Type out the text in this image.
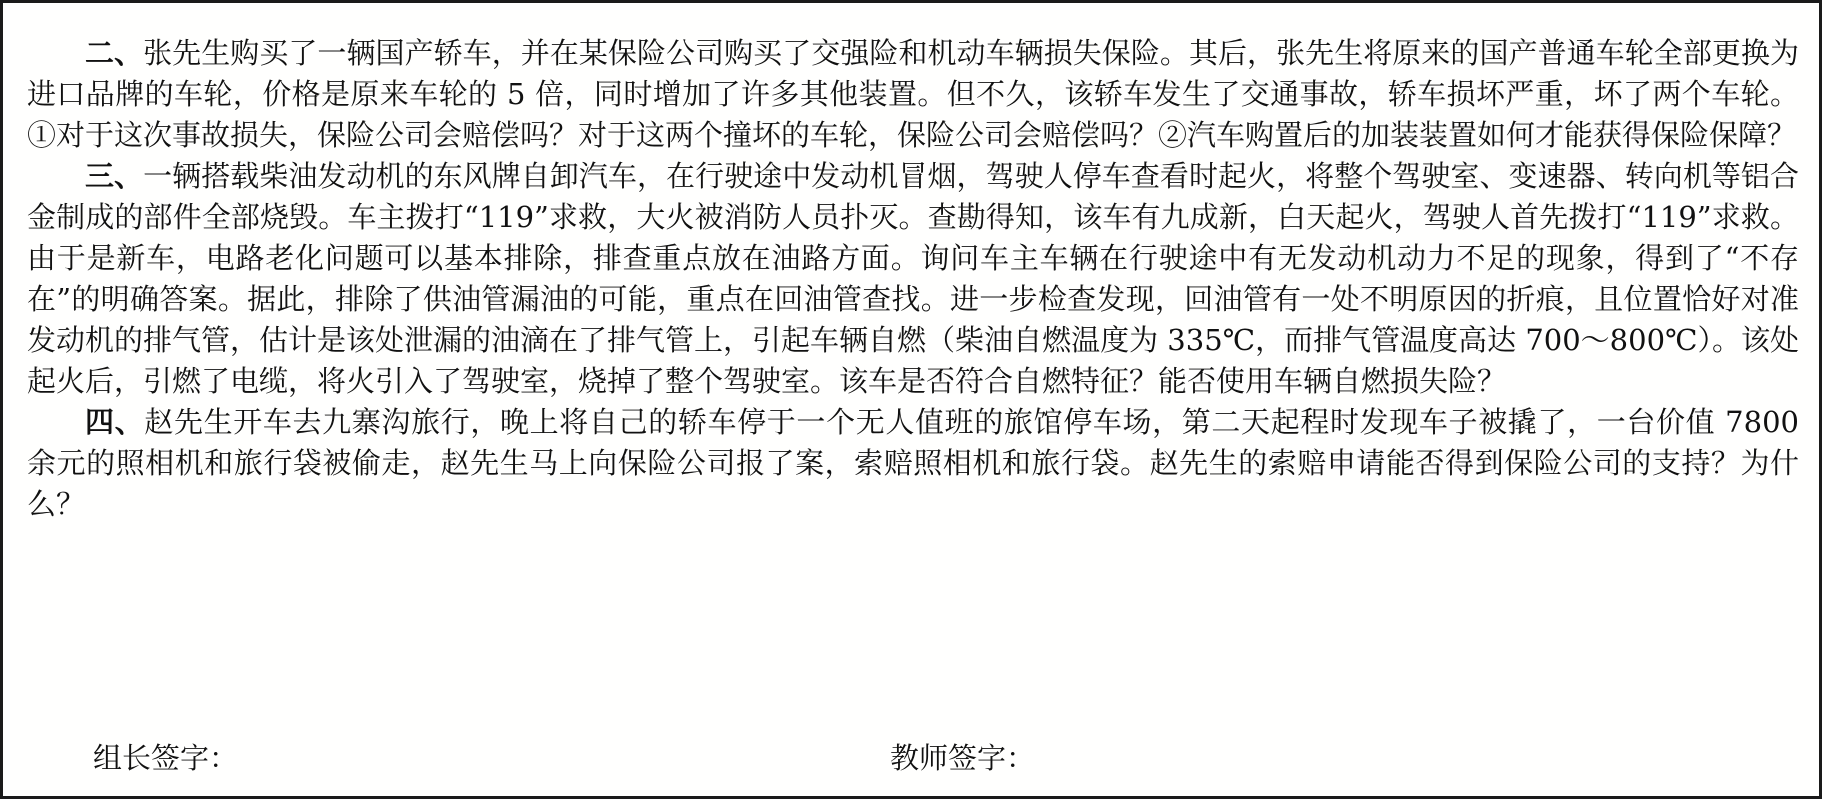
二、张先生购买了一辆国产轿车，并在某保险公司购买了交强险和机动车辆损失保险。其后，张先生将原来的国产普通车轮全部更换为进口品牌的车轮，价格是原来车轮的 5 倍，同时增加了许多其他装置。但不久，该轿车发生了交通事故，轿车损坏严重，坏了两个车轮。①对于这次事故损失，保险公司会赔偿吗？对于这两个撞坏的车轮，保险公司会赔偿吗？②汽车购置后的加装装置如何才能获得保险保障？

三、一辆搭载柴油发动机的东风牌自卸汽车，在行驶途中发动机冒烟，驾驶人停车查看时起火，将整个驾驶室、变速器、转向机等铝合金制成的部件全部烧毁。车主拨打“119”求救，大火被消防人员扑灭。查勘得知，该车有九成新，白天起火，驾驶人首先拨打“119”求救。由于是新车，电路老化问题可以基本排除，排查重点放在油路方面。询问车主车辆在行驶途中有无发动机动力不足的现象，得到了“不存在”的明确答案。据此，排除了供油管漏油的可能，重点在回油管查找。进一步检查发现，回油管有一处不明原因的折痕，且位置恰好对准发动机的排气管，估计是该处泄漏的油滴在了排气管上，引起车辆自燃（柴油自燃温度为 335℃，而排气管温度高达 700～800℃）。该处起火后，引燃了电缆，将火引入了驾驶室，烧掉了整个驾驶室。该车是否符合自燃特征？能否使用车辆自燃损失险？

四、赵先生开车去九寨沟旅行，晚上将自己的轿车停于一个无人值班的旅馆停车场，第二天起程时发现车子被撬了，一台价值 7800 余元的照相机和旅行袋被偷走，赵先生马上向保险公司报了案，索赔照相机和旅行袋。赵先生的索赔申请能否得到保险公司的支持？为什么？

组长签字：	教师签字：
